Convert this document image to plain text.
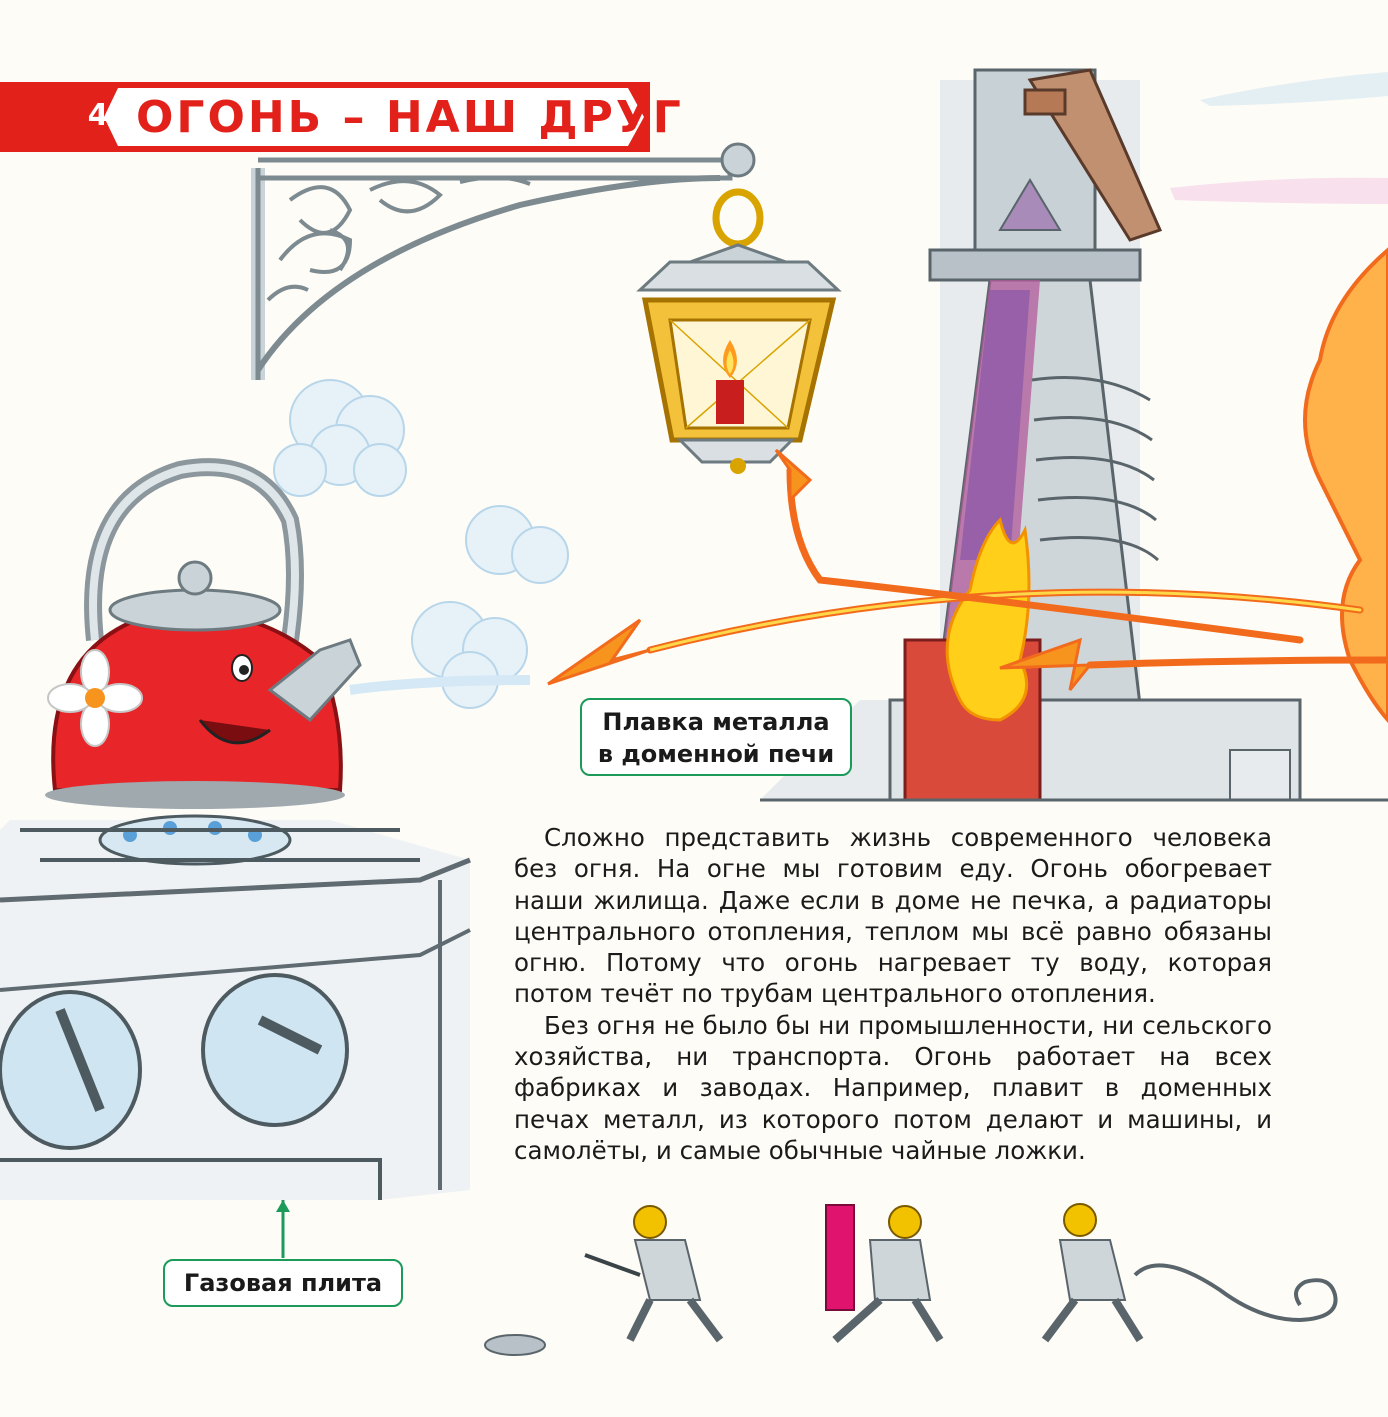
4 ОГОНЬ – НАШ ДРУГ
Плавка металла
в доменной печи
Газовая плита

Сложно представить жизнь современного человека без огня. На огне мы готовим еду. Огонь обогревает наши жилища. Даже если в доме не печка, а радиаторы центрального отопления, теплом мы всё равно обязаны огню. Потому что огонь нагревает ту воду, которая потом течёт по трубам центрального отопления.

Без огня не было бы ни промышленности, ни сельского хозяйства, ни транспорта. Огонь работает на всех фабриках и заводах. Например, плавит в доменных печах металл, из которого потом делают и машины, и самолёты, и самые обычные чайные ложки.
